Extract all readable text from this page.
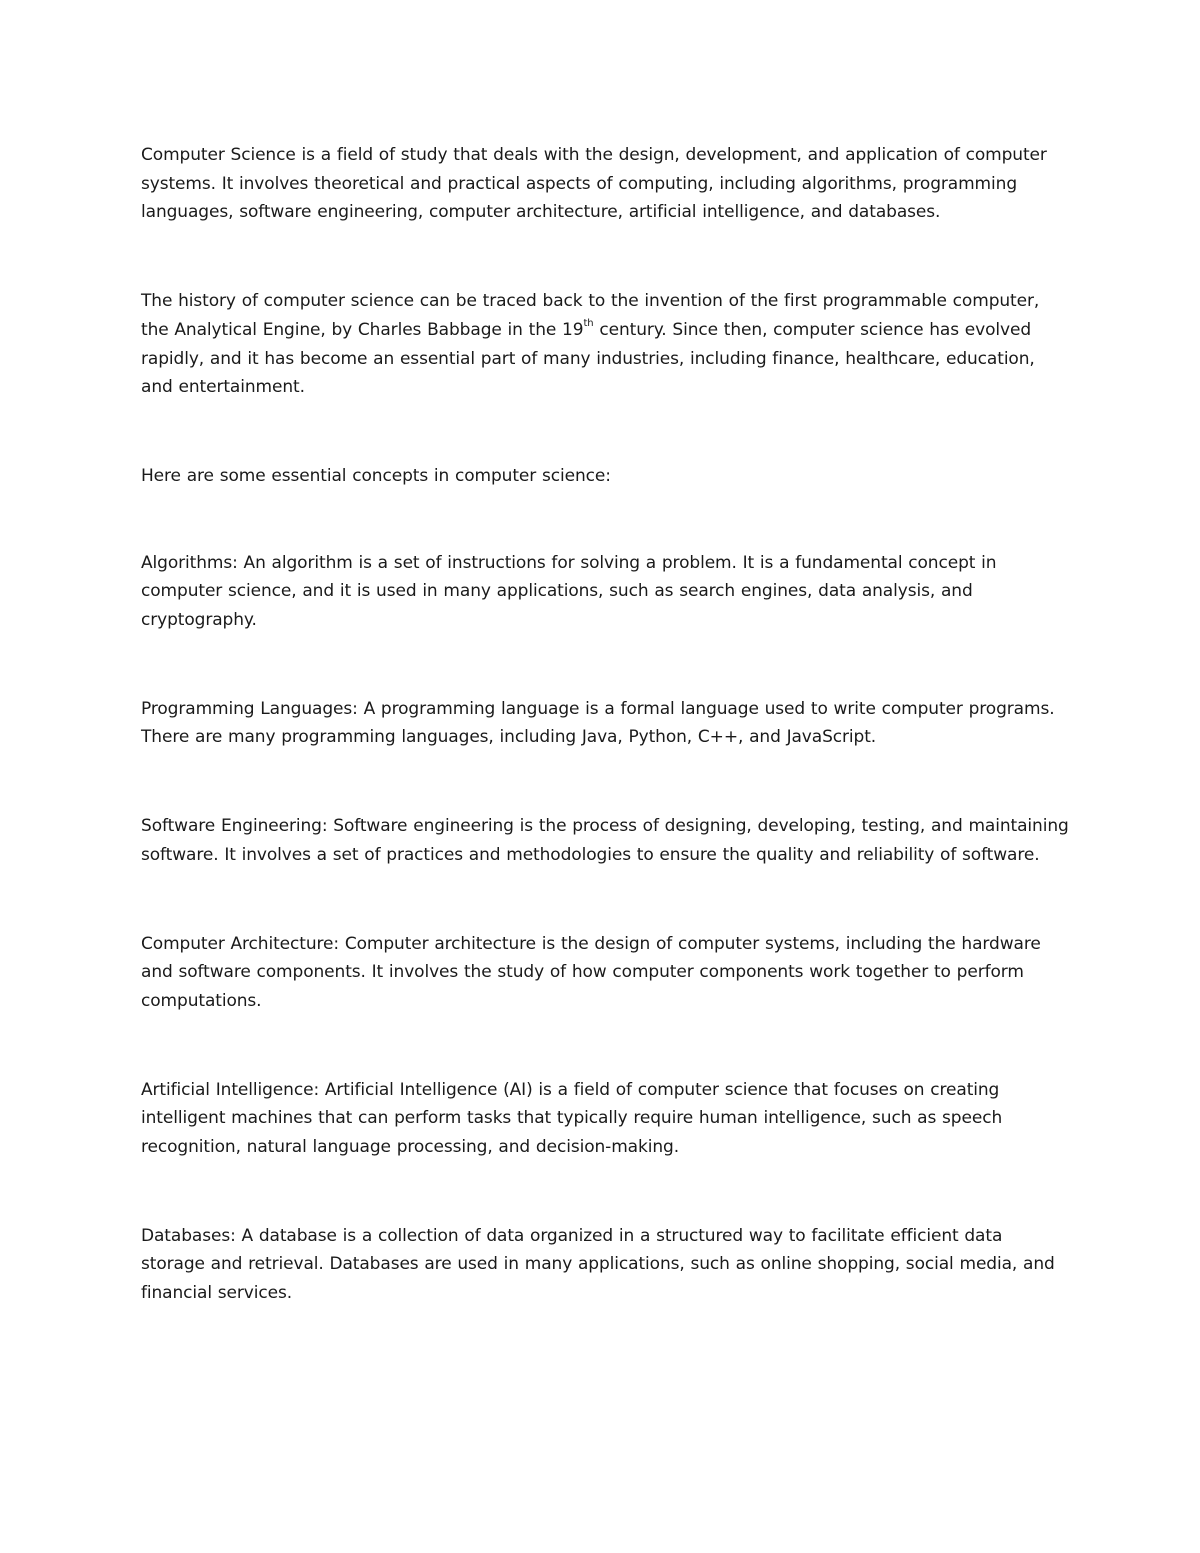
Computer Science is a field of study that deals with the design, development, and application of computer systems. It involves theoretical and practical aspects of computing, including algorithms, programming languages, software engineering, computer architecture, artificial intelligence, and databases.

The history of computer science can be traced back to the invention of the first programmable computer, the Analytical Engine, by Charles Babbage in the 19th century. Since then, computer science has evolved rapidly, and it has become an essential part of many industries, including finance, healthcare, education, and entertainment.

Here are some essential concepts in computer science:

Algorithms: An algorithm is a set of instructions for solving a problem. It is a fundamental concept in computer science, and it is used in many applications, such as search engines, data analysis, and cryptography.

Programming Languages: A programming language is a formal language used to write computer programs. There are many programming languages, including Java, Python, C++, and JavaScript.

Software Engineering: Software engineering is the process of designing, developing, testing, and maintaining software. It involves a set of practices and methodologies to ensure the quality and reliability of software.

Computer Architecture: Computer architecture is the design of computer systems, including the hardware and software components. It involves the study of how computer components work together to perform computations.

Artificial Intelligence: Artificial Intelligence (AI) is a field of computer science that focuses on creating intelligent machines that can perform tasks that typically require human intelligence, such as speech recognition, natural language processing, and decision-making.

Databases: A database is a collection of data organized in a structured way to facilitate efficient data storage and retrieval. Databases are used in many applications, such as online shopping, social media, and financial services.
